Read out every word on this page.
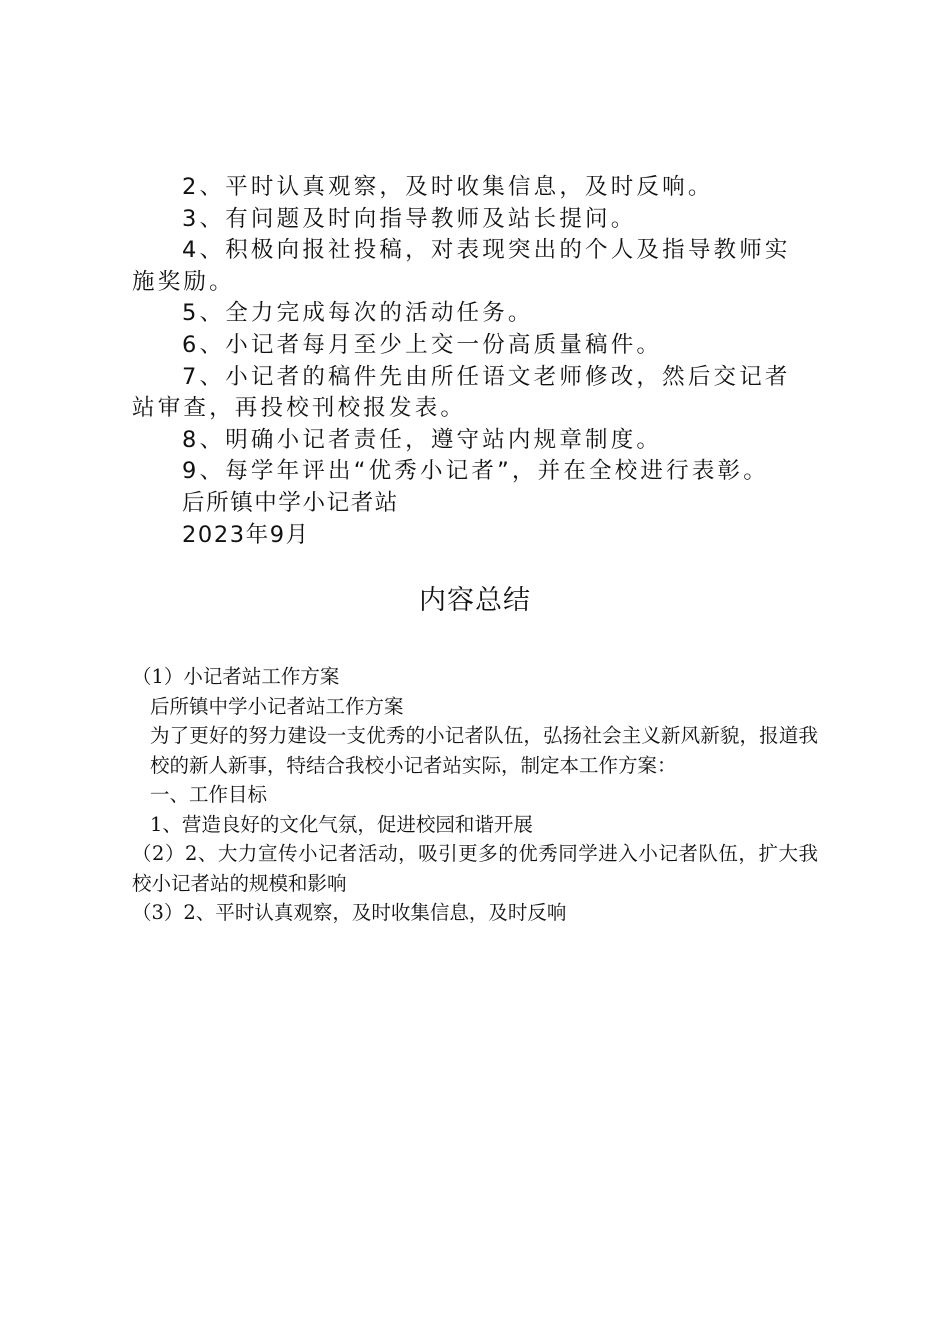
2、平时认真观察，及时收集信息，及时反响。

3、有问题及时向指导教师及站长提问。

4、积极向报社投稿，对表现突出的个人及指导教师实施奖励。

5、全力完成每次的活动任务。

6、小记者每月至少上交一份高质量稿件。

7、小记者的稿件先由所任语文老师修改，然后交记者站审查，再投校刊校报发表。

8、明确小记者责任，遵守站内规章制度。

9、每学年评出“优秀小记者”，并在全校进行表彰。

后所镇中学小记者站

2023年9月

内容总结

（1）小记者站工作方案

后所镇中学小记者站工作方案

为了更好的努力建设一支优秀的小记者队伍，弘扬社会主义新风新貌，报道我校的新人新事，特结合我校小记者站实际，制定本工作方案：

一、工作目标

1、营造良好的文化气氛，促进校园和谐开展

（2）2、大力宣传小记者活动，吸引更多的优秀同学进入小记者队伍，扩大我校小记者站的规模和影响

（3）2、平时认真观察，及时收集信息，及时反响
